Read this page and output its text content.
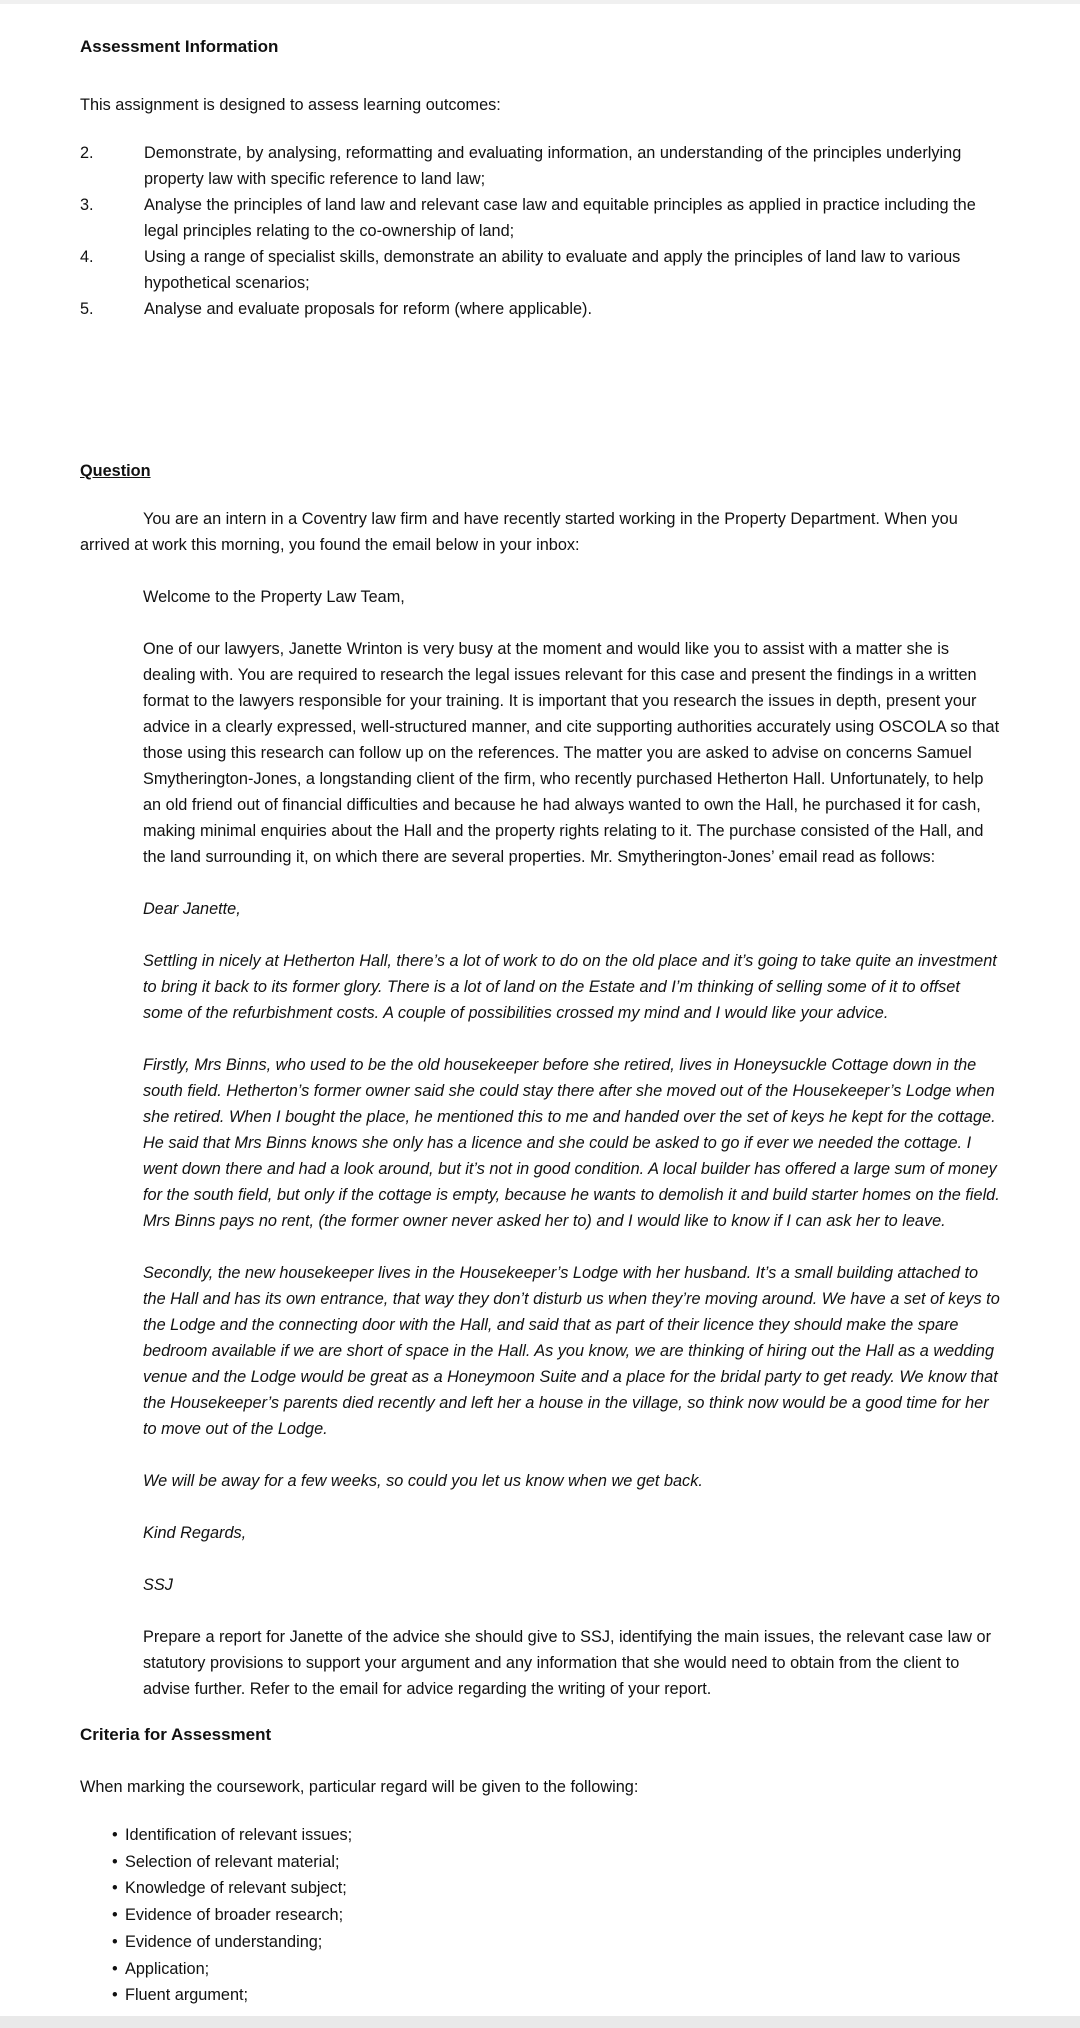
Assessment Information

This assignment is designed to assess learning outcomes:

2.	Demonstrate, by analysing, reformatting and evaluating information, an understanding of the principles underlying property law with specific reference to land law;
3.	Analyse the principles of land law and relevant case law and equitable principles as applied in practice including the legal principles relating to the co-ownership of land;
4.	Using a range of specialist skills, demonstrate an ability to evaluate and apply the principles of land law to various hypothetical scenarios;
5.	Analyse and evaluate proposals for reform (where applicable).
Question

You are an intern in a Coventry law firm and have recently started working in the Property Department. When you arrived at work this morning, you found the email below in your inbox:

Welcome to the Property Law Team,

One of our lawyers, Janette Wrinton is very busy at the moment and would like you to assist with a matter she is dealing with. You are required to research the legal issues relevant for this case and present the findings in a written format to the lawyers responsible for your training. It is important that you research the issues in depth, present your advice in a clearly expressed, well-structured manner, and cite supporting authorities accurately using OSCOLA so that those using this research can follow up on the references. The matter you are asked to advise on concerns Samuel Smytherington-Jones, a longstanding client of the firm, who recently purchased Hetherton Hall. Unfortunately, to help an old friend out of financial difficulties and because he had always wanted to own the Hall, he purchased it for cash, making minimal enquiries about the Hall and the property rights relating to it. The purchase consisted of the Hall, and the land surrounding it, on which there are several properties. Mr. Smytherington-Jones’ email read as follows:

Dear Janette,

Settling in nicely at Hetherton Hall, there’s a lot of work to do on the old place and it’s going to take quite an investment to bring it back to its former glory. There is a lot of land on the Estate and I’m thinking of selling some of it to offset some of the refurbishment costs. A couple of possibilities crossed my mind and I would like your advice.

Firstly, Mrs Binns, who used to be the old housekeeper before she retired, lives in Honeysuckle Cottage down in the south field. Hetherton’s former owner said she could stay there after she moved out of the Housekeeper’s Lodge when she retired. When I bought the place, he mentioned this to me and handed over the set of keys he kept for the cottage. He said that Mrs Binns knows she only has a licence and she could be asked to go if ever we needed the cottage. I went down there and had a look around, but it’s not in good condition. A local builder has offered a large sum of money for the south field, but only if the cottage is empty, because he wants to demolish it and build starter homes on the field. Mrs Binns pays no rent, (the former owner never asked her to) and I would like to know if I can ask her to leave.

Secondly, the new housekeeper lives in the Housekeeper’s Lodge with her husband. It’s a small building attached to the Hall and has its own entrance, that way they don’t disturb us when they’re moving around. We have a set of keys to the Lodge and the connecting door with the Hall, and said that as part of their licence they should make the spare bedroom available if we are short of space in the Hall. As you know, we are thinking of hiring out the Hall as a wedding venue and the Lodge would be great as a Honeymoon Suite and a place for the bridal party to get ready. We know that the Housekeeper’s parents died recently and left her a house in the village, so think now would be a good time for her to move out of the Lodge.

We will be away for a few weeks, so could you let us know when we get back.

Kind Regards,

SSJ

Prepare a report for Janette of the advice she should give to SSJ, identifying the main issues, the relevant case law or statutory provisions to support your argument and any information that she would need to obtain from the client to advise further. Refer to the email for advice regarding the writing of your report.

Criteria for Assessment

When marking the coursework, particular regard will be given to the following:

• Identification of relevant issues;
• Selection of relevant material;
• Knowledge of relevant subject;
• Evidence of broader research;
• Evidence of understanding;
• Application;
• Fluent argument;
